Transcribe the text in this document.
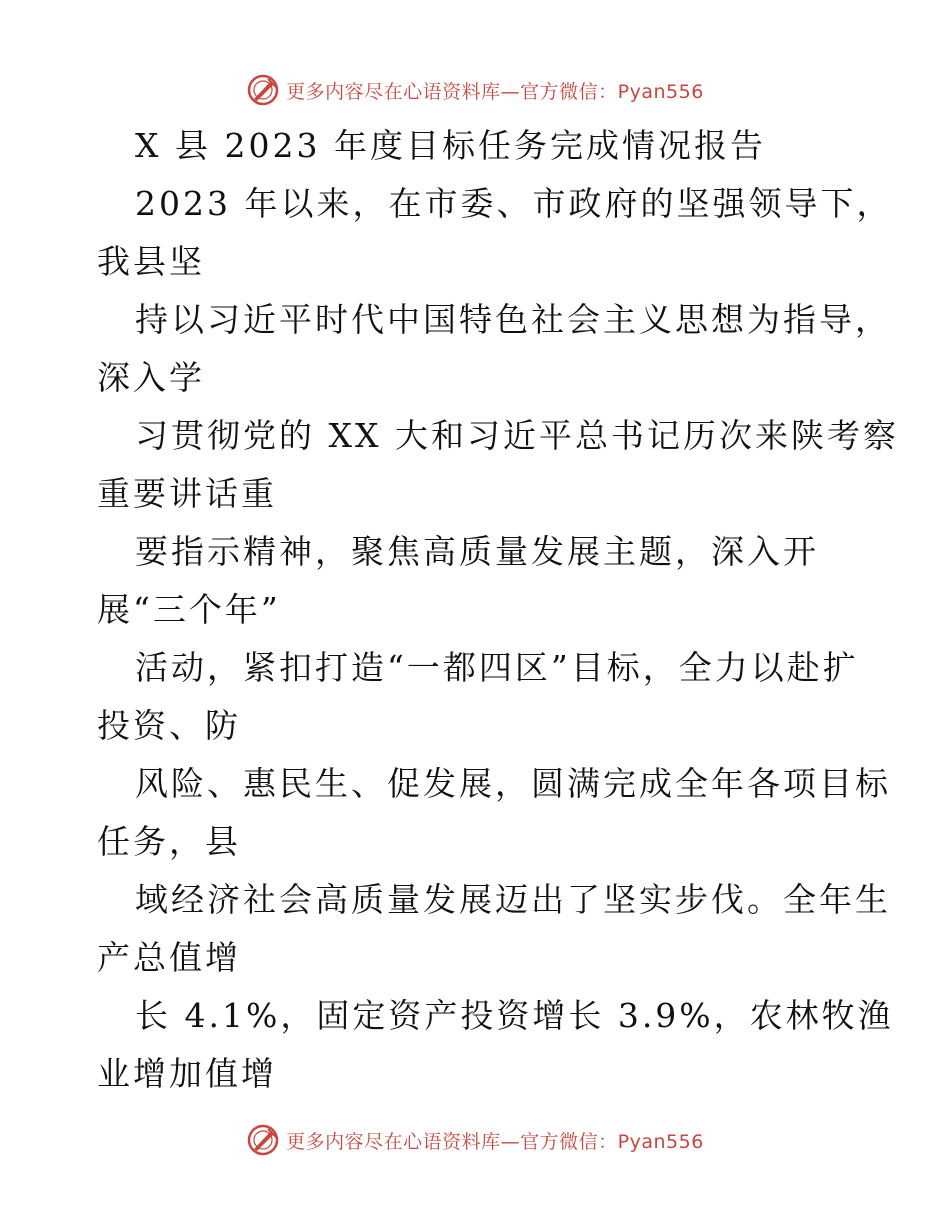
更多内容尽在心语资料库—官方微信：Pyan556
X 县 2023 年度目标任务完成情况报告
2023 年以来，在市委、市政府的坚强领导下，
我县坚
持以习近平时代中国特色社会主义思想为指导，
深入学
习贯彻党的 XX 大和习近平总书记历次来陕考察
重要讲话重
要指示精神，聚焦高质量发展主题，深入开
展“三个年”
活动，紧扣打造“一都四区”目标，全力以赴扩
投资、防
风险、惠民生、促发展，圆满完成全年各项目标
任务，县
域经济社会高质量发展迈出了坚实步伐。全年生
产总值增
长 4.1%，固定资产投资增长 3.9%，农林牧渔
业增加值增
更多内容尽在心语资料库—官方微信：Pyan556
